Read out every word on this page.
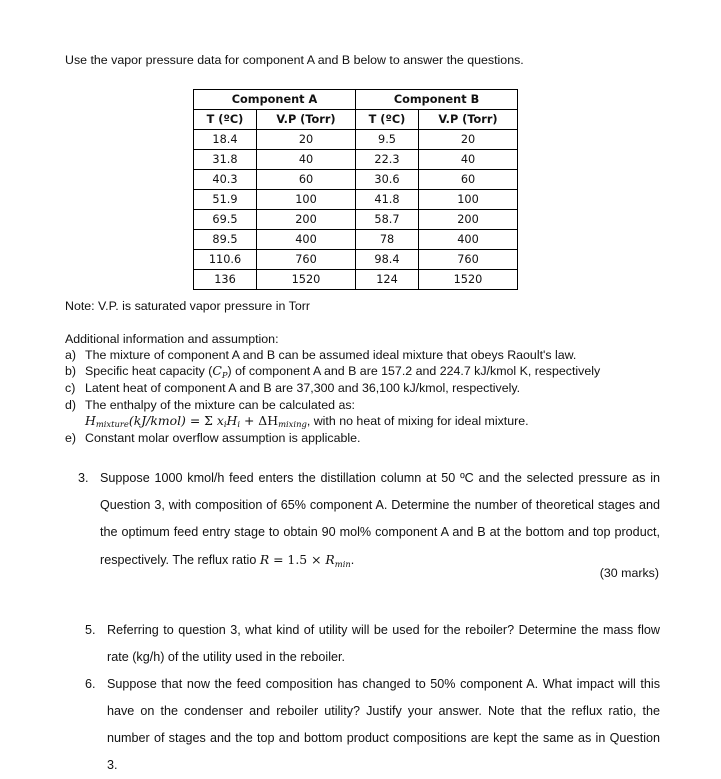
Use the vapor pressure data for component A and B below to answer the questions.
Component A		Component B	
T (ºC)	V.P (Torr)	T (ºC)	V.P (Torr)
18.4	20	9.5	20
31.8	40	22.3	40
40.3	60	30.6	60
51.9	100	41.8	100
69.5	200	58.7	200
89.5	400	78	400
110.6	760	98.4	760
136	1520	124	1520
Note: V.P. is saturated vapor pressure in Torr
Additional information and assumption:
a) The mixture of component A and B can be assumed ideal mixture that obeys Raoult's law.
b) Specific heat capacity $(C_P)$ of component A and B are 157.2 and 224.7 kJ/kmol K, respectively
c) Latent heat of component A and B are 37,300 and 36,100 kJ/kmol, respectively.
d) The enthalpy of the mixture can be calculated as:
$H_{mixture}(kJ/kmol) = \Sigma$ $x_iH_i + \Delta H_{mixing}$, with no heat of mixing for ideal mixture.
e) Constant molar overflow assumption is applicable.
3. Suppose 1000 kmol/h feed enters the distillation column at 50 ºC and the selected pressure as in Question 3, with composition of 65% component A. Determine the number of theoretical stages and the optimum feed entry stage to obtain 90 mol% component A and B at the bottom and top product, respectively. The reflux ratio $R = 1.5 \times R_{min}$.
(30 marks)
5. Referring to question 3, what kind of utility will be used for the reboiler? Determine the mass flow rate (kg/h) of the utility used in the reboiler.
6. Suppose that now the feed composition has changed to 50% component A. What impact will this have on the condenser and reboiler utility? Justify your answer. Note that the reflux ratio, the number of stages and the top and bottom product compositions are kept the same as in Question 3.
